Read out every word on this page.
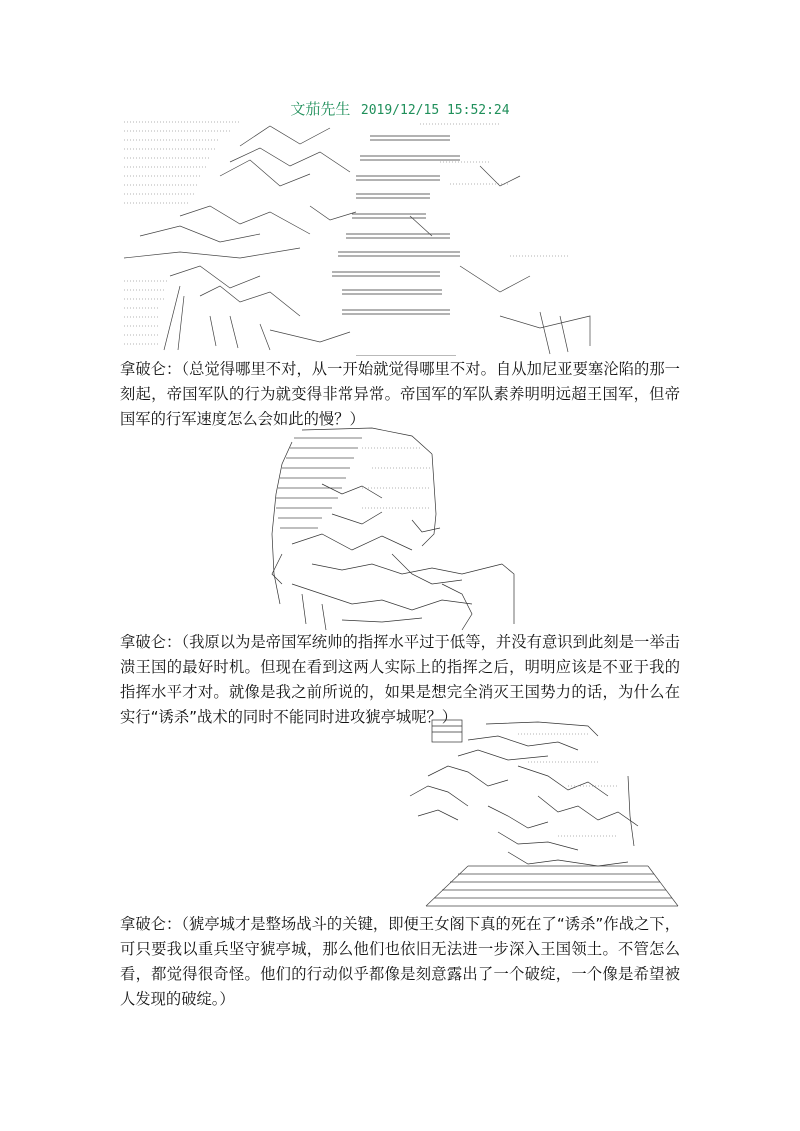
文茄先生 2019/12/15 15:52:24
拿破仑：（总觉得哪里不对，从一开始就觉得哪里不对。自从加尼亚要塞沦陷的那一刻起，帝国军队的行为就变得非常异常。帝国军的军队素养明明远超王国军，但帝国军的行军速度怎么会如此的慢？）
拿破仑：（我原以为是帝国军统帅的指挥水平过于低等，并没有意识到此刻是一举击溃王国的最好时机。但现在看到这两人实际上的指挥之后，明明应该是不亚于我的指挥水平才对。就像是我之前所说的，如果是想完全消灭王国势力的话，为什么在实行“诱杀”战术的同时不能同时进攻猇亭城呢？）
拿破仑：（猇亭城才是整场战斗的关键，即便王女阁下真的死在了“诱杀”作战之下，可只要我以重兵坚守猇亭城，那么他们也依旧无法进一步深入王国领土。不管怎么看，都觉得很奇怪。他们的行动似乎都像是刻意露出了一个破绽，一个像是希望被人发现的破绽。）
